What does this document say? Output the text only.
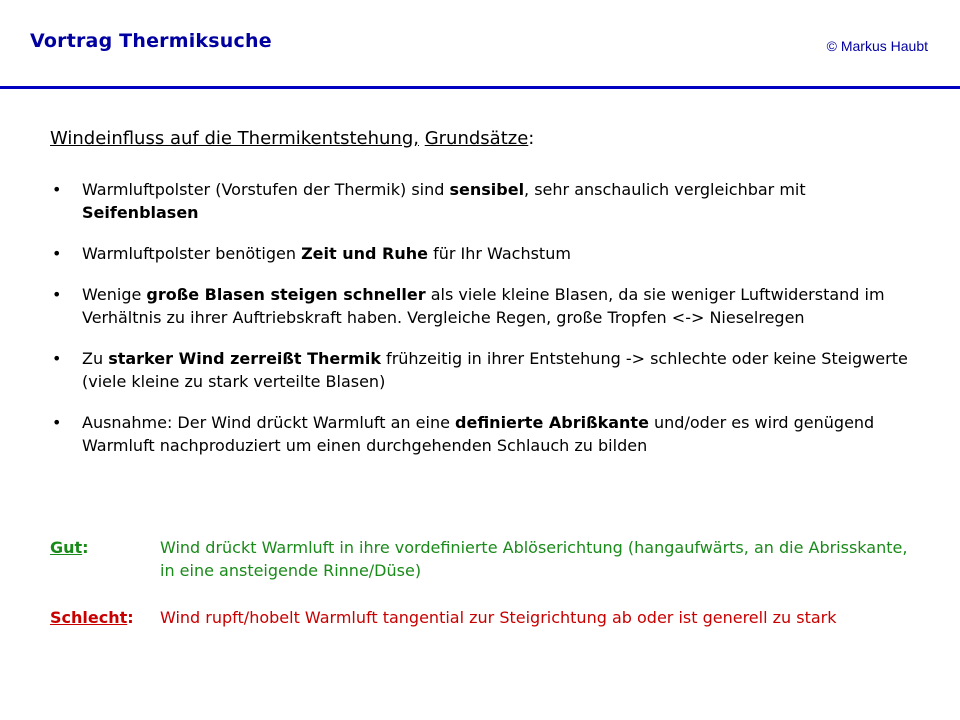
Vortrag Thermiksuche	© Markus Haubt
Windeinfluss auf die Thermikentstehung, Grundsätze:
•	Warmluftpolster (Vorstufen der Thermik) sind sensibel, sehr anschaulich vergleichbar mit Seifenblasen
•	Warmluftpolster benötigen Zeit und Ruhe für Ihr Wachstum
•	Wenige große Blasen steigen schneller als viele kleine Blasen, da sie weniger Luftwiderstand im Verhältnis zu ihrer Auftriebskraft haben. Vergleiche Regen, große Tropfen <-> Nieselregen
•	Zu starker Wind zerreißt Thermik frühzeitig in ihrer Entstehung -> schlechte oder keine Steigwerte (viele kleine zu stark verteilte Blasen)
•	Ausnahme: Der Wind drückt Warmluft an eine definierte Abrißkante und/oder es wird genügend Warmluft nachproduziert um einen durchgehenden Schlauch zu bilden
Gut:	Wind drückt Warmluft in ihre vordefinierte Ablöserichtung (hangaufwärts, an die Abrisskante, in eine ansteigende Rinne/Düse)
Schlecht: Wind rupft/hobelt Warmluft tangential zur Steigrichtung ab oder ist generell zu stark
